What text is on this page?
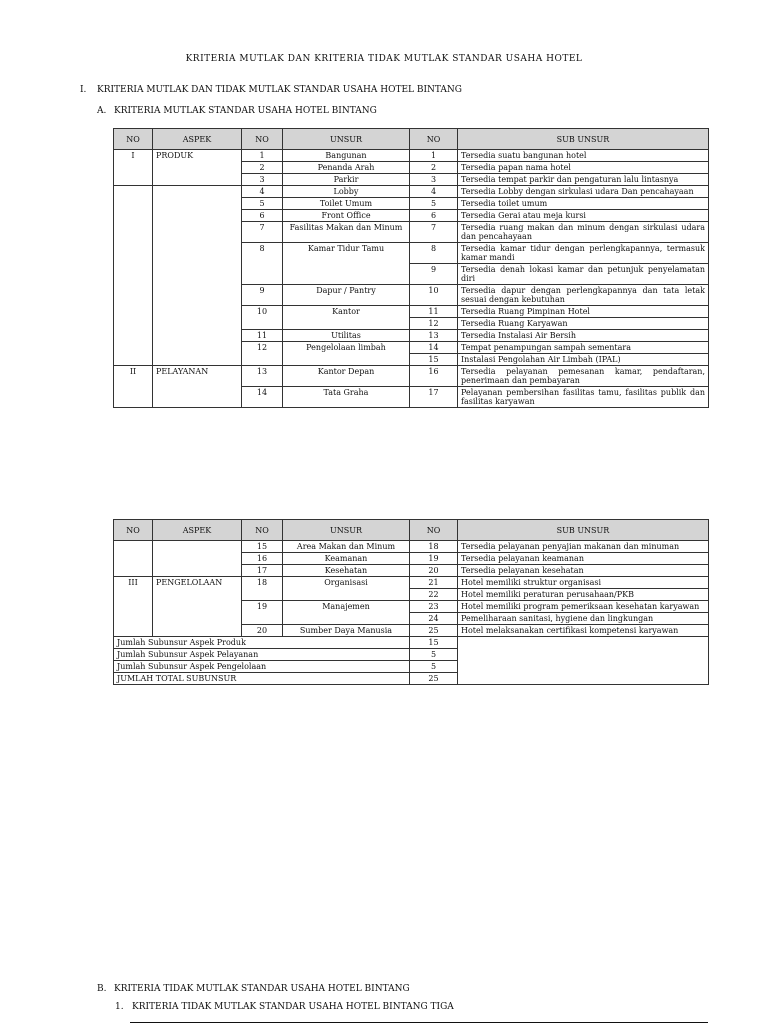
KRITERIA MUTLAK DAN KRITERIA TIDAK MUTLAK STANDAR USAHA HOTEL
I. KRITERIA MUTLAK DAN TIDAK MUTLAK STANDAR USAHA HOTEL BINTANG
A. KRITERIA MUTLAK STANDAR USAHA HOTEL BINTANG
NO	ASPEK	NO	UNSUR	NO	SUB UNSUR
I	PRODUK	1	Bangunan	1	Tersedia suatu bangunan hotel
		2	Penanda Arah	2	Tersedia papan nama hotel
		3	Parkir	3	Tersedia tempat parkir dan pengaturan lalu lintasnya
		4	Lobby	4	Tersedia Lobby dengan sirkulasi udara Dan pencahayaan
		5	Toilet Umum	5	Tersedia toilet umum
		6	Front Office	6	Tersedia Gerai atau meja kursi
		7	Fasilitas Makan dan Minum	7	Tersedia ruang makan dan minum dengan sirkulasi udara dan pencahayaan
		8	Kamar Tidur Tamu	8	Tersedia kamar tidur dengan perlengkapannya, termasuk kamar mandi
				9	Tersedia denah lokasi kamar dan petunjuk penyelamatan diri
		9	Dapur / Pantry	10	Tersedia dapur dengan perlengkapannya dan tata letak sesuai dengan kebutuhan
		10	Kantor	11	Tersedia Ruang Pimpinan Hotel
				12	Tersedia Ruang Karyawan
		11	Utilitas	13	Tersedia Instalasi Air Bersih
		12	Pengelolaan limbah	14	Tempat penampungan sampah sementara
				15	Instalasi Pengolahan Air Limbah (IPAL)
II	PELAYANAN	13	Kantor Depan	16	Tersedia pelayanan pemesanan kamar, pendaftaran, penerimaan dan pembayaran
		14	Tata Graha	17	Pelayanan pembersihan fasilitas tamu, fasilitas publik dan fasilitas karyawan
NO	ASPEK	NO	UNSUR	NO	SUB UNSUR
		15	Area Makan dan Minum	18	Tersedia pelayanan penyajian makanan dan minuman
		16	Keamanan	19	Tersedia pelayanan keamanan
		17	Kesehatan	20	Tersedia pelayanan kesehatan
III	PENGELOLAAN	18	Organisasi	21	Hotel memiliki struktur organisasi
				22	Hotel memiliki peraturan perusahaan/PKB
		19	Manajemen	23	Hotel memiliki program pemeriksaan kesehatan karyawan
				24	Pemeliharaan sanitasi, hygiene dan lingkungan
		20	Sumber Daya Manusia	25	Hotel melaksanakan certifikasi kompetensi karyawan
Jumlah Subunsur Aspek Produk				15	
Jumlah Subunsur Aspek Pelayanan				5	
Jumlah Subunsur Aspek Pengelolaan				5	
JUMLAH TOTAL SUBUNSUR				25	
B. KRITERIA TIDAK MUTLAK STANDAR USAHA HOTEL BINTANG
1. KRITERIA TIDAK MUTLAK STANDAR USAHA HOTEL BINTANG TIGA
